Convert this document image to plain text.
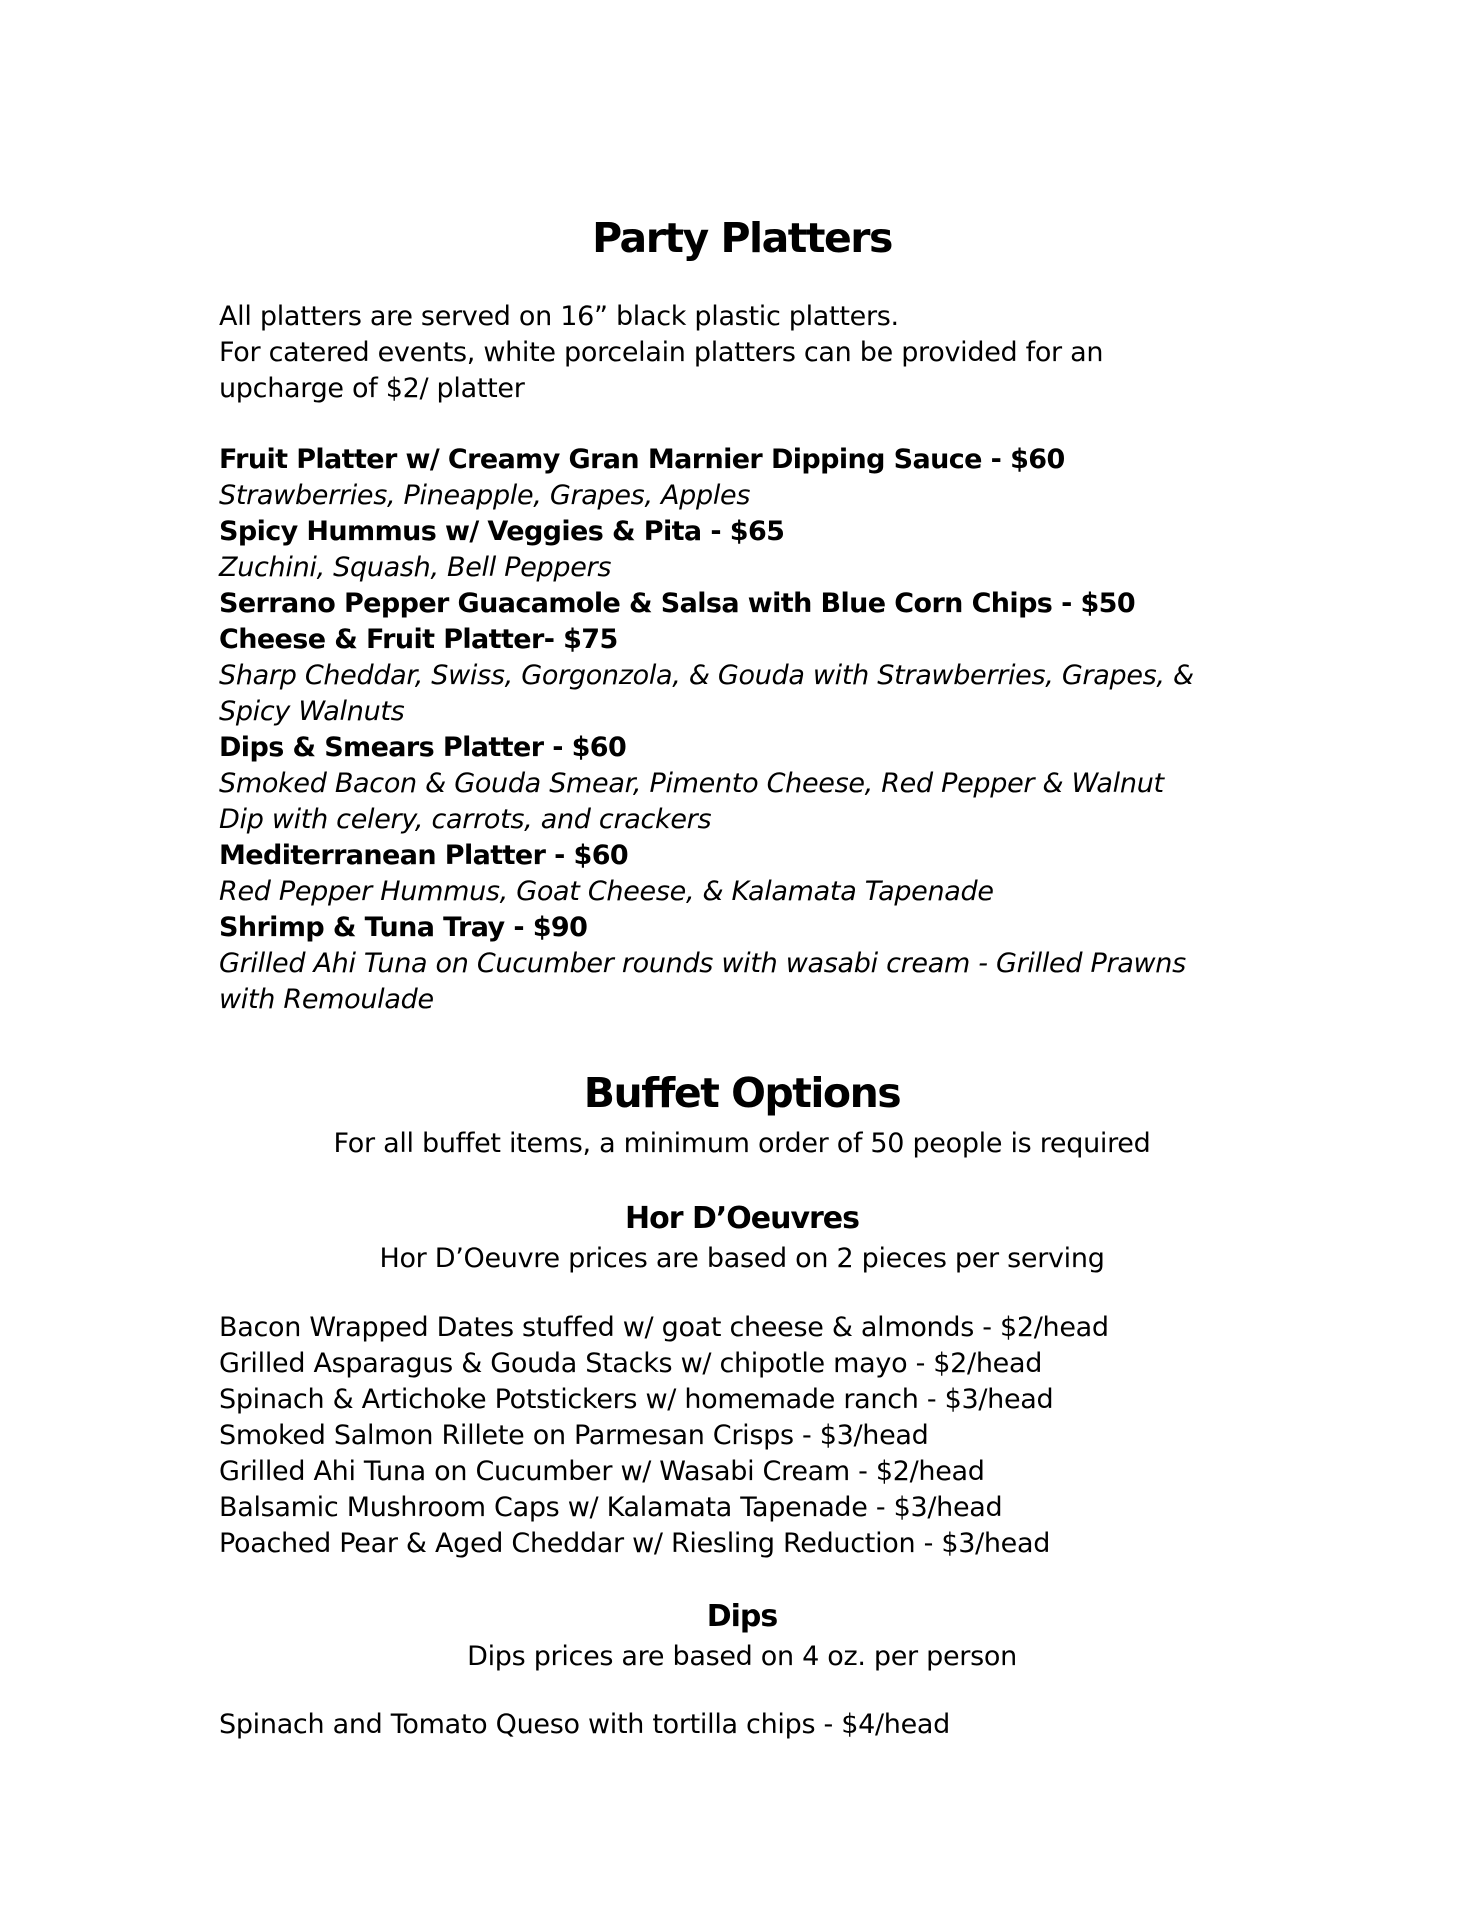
Party Platters
All platters are served on 16” black plastic platters.
For catered events, white porcelain platters can be provided for an
upcharge of $2/ platter
Fruit Platter w/ Creamy Gran Marnier Dipping Sauce - $60
Strawberries, Pineapple, Grapes, Apples
Spicy Hummus w/ Veggies & Pita - $65
Zuchini, Squash, Bell Peppers
Serrano Pepper Guacamole & Salsa with Blue Corn Chips - $50
Cheese & Fruit Platter- $75
Sharp Cheddar, Swiss, Gorgonzola, & Gouda with Strawberries, Grapes, &
Spicy Walnuts
Dips & Smears Platter - $60
Smoked Bacon & Gouda Smear, Pimento Cheese, Red Pepper & Walnut
Dip with celery, carrots, and crackers
Mediterranean Platter - $60
Red Pepper Hummus, Goat Cheese, & Kalamata Tapenade
Shrimp & Tuna Tray - $90
Grilled Ahi Tuna on Cucumber rounds with wasabi cream - Grilled Prawns
with Remoulade
Buffet Options
For all buffet items, a minimum order of 50 people is required
Hor D’Oeuvres
Hor D’Oeuvre prices are based on 2 pieces per serving
Bacon Wrapped Dates stuffed w/ goat cheese & almonds - $2/head
Grilled Asparagus & Gouda Stacks w/ chipotle mayo - $2/head
Spinach & Artichoke Potstickers w/ homemade ranch - $3/head
Smoked Salmon Rillete on Parmesan Crisps - $3/head
Grilled Ahi Tuna on Cucumber w/ Wasabi Cream - $2/head
Balsamic Mushroom Caps w/ Kalamata Tapenade - $3/head
Poached Pear & Aged Cheddar w/ Riesling Reduction - $3/head
Dips
Dips prices are based on 4 oz. per person
Spinach and Tomato Queso with tortilla chips - $4/head
